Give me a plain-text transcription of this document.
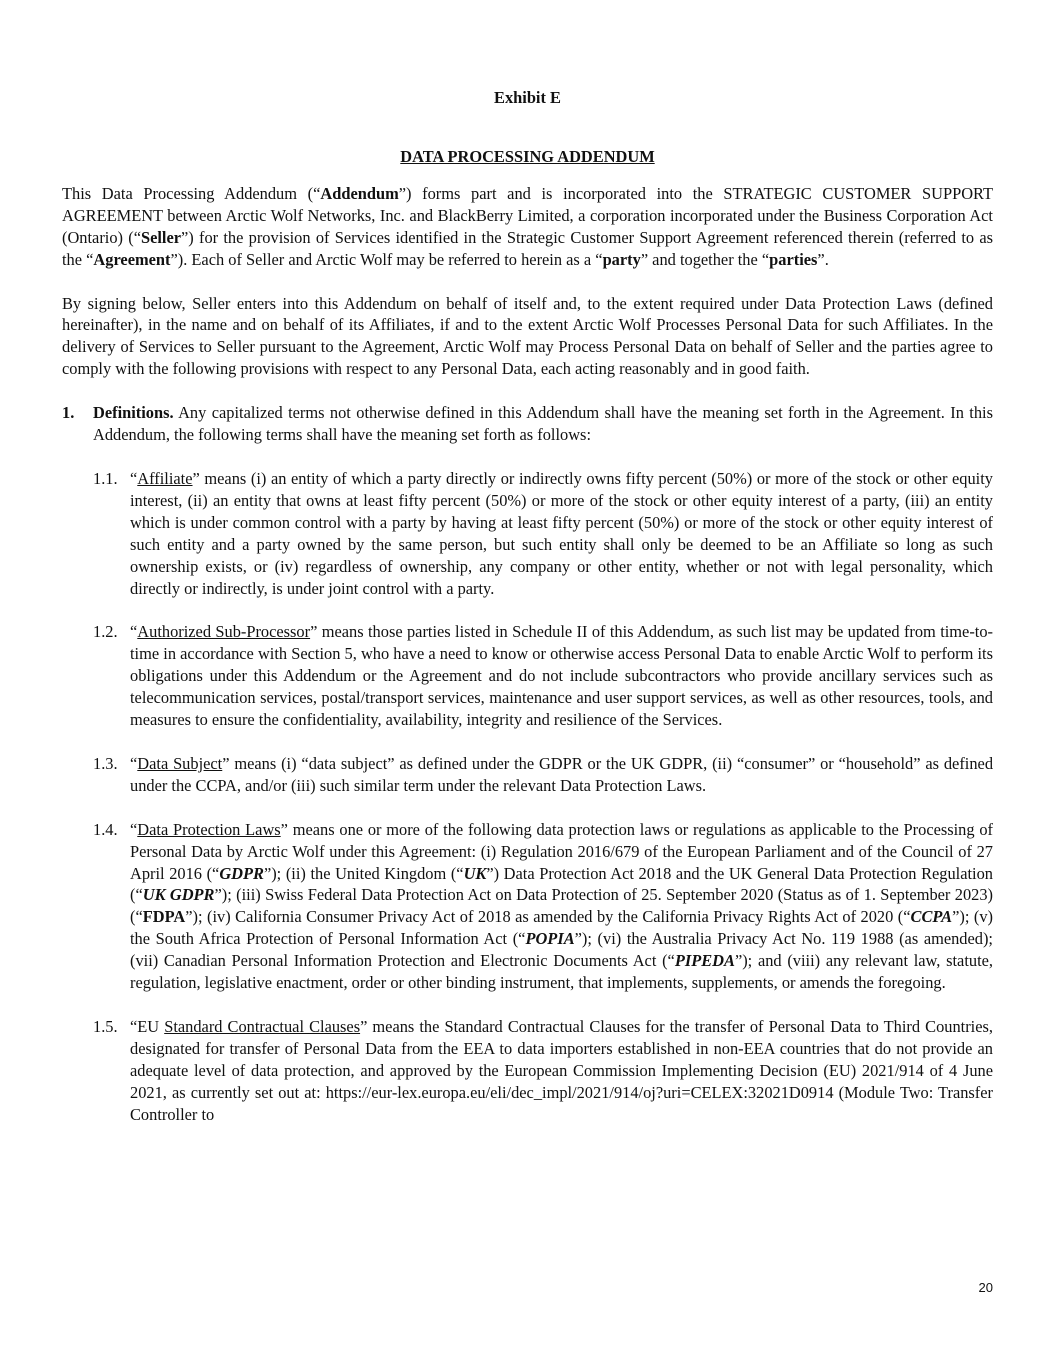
Exhibit E

DATA PROCESSING ADDENDUM

This Data Processing Addendum (“Addendum”) forms part and is incorporated into the STRATEGIC CUSTOMER SUPPORT AGREEMENT between Arctic Wolf Networks, Inc. and BlackBerry Limited, a corporation incorporated under the Business Corporation Act (Ontario) (“Seller”) for the provision of Services identified in the Strategic Customer Support Agreement referenced therein (referred to as the “Agreement”). Each of Seller and Arctic Wolf may be referred to herein as a “party” and together the “parties”.

By signing below, Seller enters into this Addendum on behalf of itself and, to the extent required under Data Protection Laws (defined hereinafter), in the name and on behalf of its Affiliates, if and to the extent Arctic Wolf Processes Personal Data for such Affiliates. In the delivery of Services to Seller pursuant to the Agreement, Arctic Wolf may Process Personal Data on behalf of Seller and the parties agree to comply with the following provisions with respect to any Personal Data, each acting reasonably and in good faith.

1.	Definitions. Any capitalized terms not otherwise defined in this Addendum shall have the meaning set forth in the Agreement. In this Addendum, the following terms shall have the meaning set forth as follows:
1.1. “Affiliate” means (i) an entity of which a party directly or indirectly owns fifty percent (50%) or more of the stock or other equity interest, (ii) an entity that owns at least fifty percent (50%) or more of the stock or other equity interest of a party, (iii) an entity which is under common control with a party by having at least fifty percent (50%) or more of the stock or other equity interest of such entity and a party owned by the same person, but such entity shall only be deemed to be an Affiliate so long as such ownership exists, or (iv) regardless of ownership, any company or other entity, whether or not with legal personality, which directly or indirectly, is under joint control with a party.
1.2. “Authorized Sub-Processor” means those parties listed in Schedule II of this Addendum, as such list may be updated from time-to-time in accordance with Section 5, who have a need to know or otherwise access Personal Data to enable Arctic Wolf to perform its obligations under this Addendum or the Agreement and do not include subcontractors who provide ancillary services such as telecommunication services, postal/transport services, maintenance and user support services, as well as other resources, tools, and measures to ensure the confidentiality, availability, integrity and resilience of the Services.
1.3. “Data Subject” means (i) “data subject” as defined under the GDPR or the UK GDPR, (ii) “consumer” or “household” as defined under the CCPA, and/or (iii) such similar term under the relevant Data Protection Laws.
1.4. “Data Protection Laws” means one or more of the following data protection laws or regulations as applicable to the Processing of Personal Data by Arctic Wolf under this Agreement: (i) Regulation 2016/679 of the European Parliament and of the Council of 27 April 2016 (“GDPR”); (ii) the United Kingdom (“UK”) Data Protection Act 2018 and the UK General Data Protection Regulation (“UK GDPR”); (iii) Swiss Federal Data Protection Act on Data Protection of 25. September 2020 (Status as of 1. September 2023) (“FDPA”); (iv) California Consumer Privacy Act of 2018 as amended by the California Privacy Rights Act of 2020 (“CCPA”); (v) the South Africa Protection of Personal Information Act (“POPIA”); (vi) the Australia Privacy Act No. 119 1988 (as amended); (vii) Canadian Personal Information Protection and Electronic Documents Act (“PIPEDA”); and (viii) any relevant law, statute, regulation, legislative enactment, order or other binding instrument, that implements, supplements, or amends the foregoing.
1.5. “EU Standard Contractual Clauses” means the Standard Contractual Clauses for the transfer of Personal Data to Third Countries, designated for transfer of Personal Data from the EEA to data importers established in non-EEA countries that do not provide an adequate level of data protection, and approved by the European Commission Implementing Decision (EU) 2021/914 of 4 June 2021, as currently set out at: https://eur-lex.europa.eu/eli/dec_impl/2021/914/oj?uri=CELEX:32021D0914 (Module Two: Transfer Controller to
20
